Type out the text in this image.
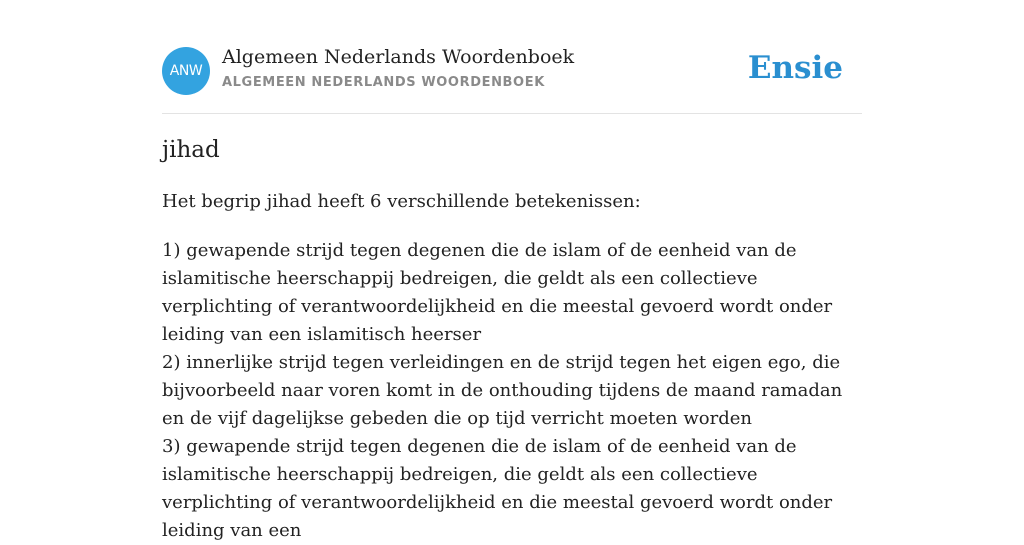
ANW
Algemeen Nederlands Woordenboek
ALGEMEEN NEDERLANDS WOORDENBOEK	Ensie
jihad
Het begrip jihad heeft 6 verschillende betekenissen:

1) gewapende strijd tegen degenen die de islam of de eenheid van de islamitische heerschappij bedreigen, die geldt als een collectieve verplichting of verantwoordelijkheid en die meestal gevoerd wordt onder leiding van een islamitisch heerser

2) innerlijke strijd tegen verleidingen en de strijd tegen het eigen ego, die bijvoorbeeld naar voren komt in de onthouding tijdens de maand ramadan en de vijf dagelijkse gebeden die op tijd verricht moeten worden

3) gewapende strijd tegen degenen die de islam of de eenheid van de islamitische heerschappij bedreigen, die geldt als een collectieve verplichting of verantwoordelijkheid en die meestal gevoerd wordt onder leiding van een
